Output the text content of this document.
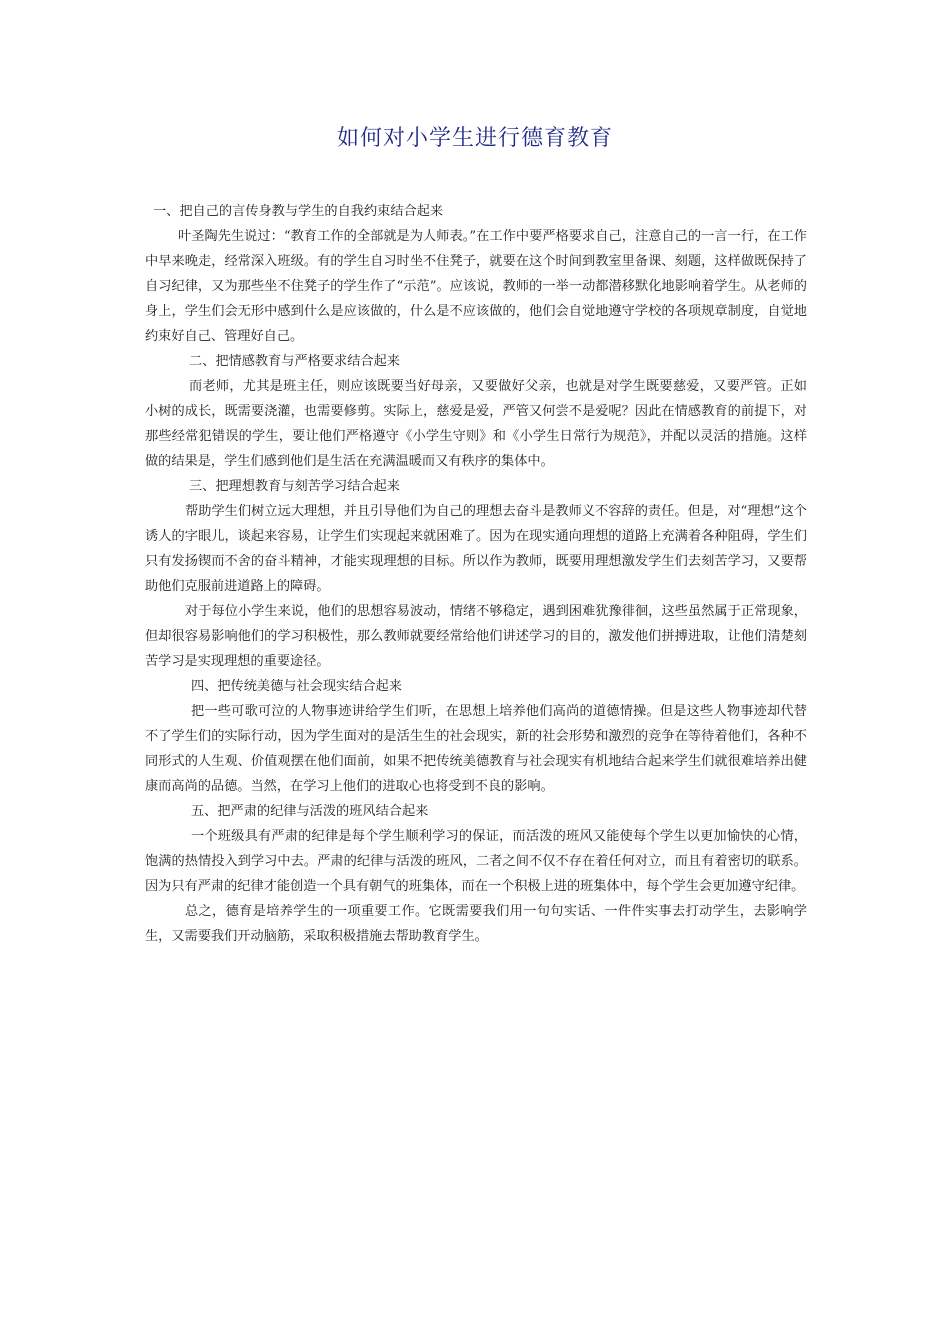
如何对小学生进行德育教育

一、把自己的言传身教与学生的自我约束结合起来

叶圣陶先生说过：“教育工作的全部就是为人师表。”在工作中要严格要求自己，注意自己的一言一行，在工作中早来晚走，经常深入班级。有的学生自习时坐不住凳子，就要在这个时间到教室里备课、刻题，这样做既保持了自习纪律，又为那些坐不住凳子的学生作了“示范”。应该说，教师的一举一动都潜移默化地影响着学生。从老师的身上，学生们会无形中感到什么是应该做的，什么是不应该做的，他们会自觉地遵守学校的各项规章制度，自觉地约束好自己、管理好自己。

二、把情感教育与严格要求结合起来

而老师，尤其是班主任，则应该既要当好母亲，又要做好父亲，也就是对学生既要慈爱，又要严管。正如小树的成长，既需要浇灌，也需要修剪。实际上，慈爱是爱，严管又何尝不是爱呢？因此在情感教育的前提下，对那些经常犯错误的学生，要让他们严格遵守《小学生守则》和《小学生日常行为规范》，并配以灵活的措施。这样做的结果是，学生们感到他们是生活在充满温暖而又有秩序的集体中。

三、把理想教育与刻苦学习结合起来

帮助学生们树立远大理想，并且引导他们为自己的理想去奋斗是教师义不容辞的责任。但是，对“理想”这个诱人的字眼儿，谈起来容易，让学生们实现起来就困难了。因为在现实通向理想的道路上充满着各种阻碍，学生们只有发扬锲而不舍的奋斗精神，才能实现理想的目标。所以作为教师，既要用理想激发学生们去刻苦学习，又要帮助他们克服前进道路上的障碍。

对于每位小学生来说，他们的思想容易波动，情绪不够稳定，遇到困难犹豫徘徊，这些虽然属于正常现象，但却很容易影响他们的学习积极性，那么教师就要经常给他们讲述学习的目的，激发他们拼搏进取，让他们清楚刻苦学习是实现理想的重要途径。

四、把传统美德与社会现实结合起来

把一些可歌可泣的人物事迹讲给学生们听，在思想上培养他们高尚的道德情操。但是这些人物事迹却代替不了学生们的实际行动，因为学生面对的是活生生的社会现实，新的社会形势和激烈的竞争在等待着他们，各种不同形式的人生观、价值观摆在他们面前，如果不把传统美德教育与社会现实有机地结合起来学生们就很难培养出健康而高尚的品德。当然，在学习上他们的进取心也将受到不良的影响。

五、把严肃的纪律与活泼的班风结合起来

一个班级具有严肃的纪律是每个学生顺利学习的保证，而活泼的班风又能使每个学生以更加愉快的心情，饱满的热情投入到学习中去。严肃的纪律与活泼的班风，二者之间不仅不存在着任何对立，而且有着密切的联系。因为只有严肃的纪律才能创造一个具有朝气的班集体，而在一个积极上进的班集体中，每个学生会更加遵守纪律。

总之，德育是培养学生的一项重要工作。它既需要我们用一句句实话、一件件实事去打动学生，去影响学生，又需要我们开动脑筋，采取积极措施去帮助教育学生。
